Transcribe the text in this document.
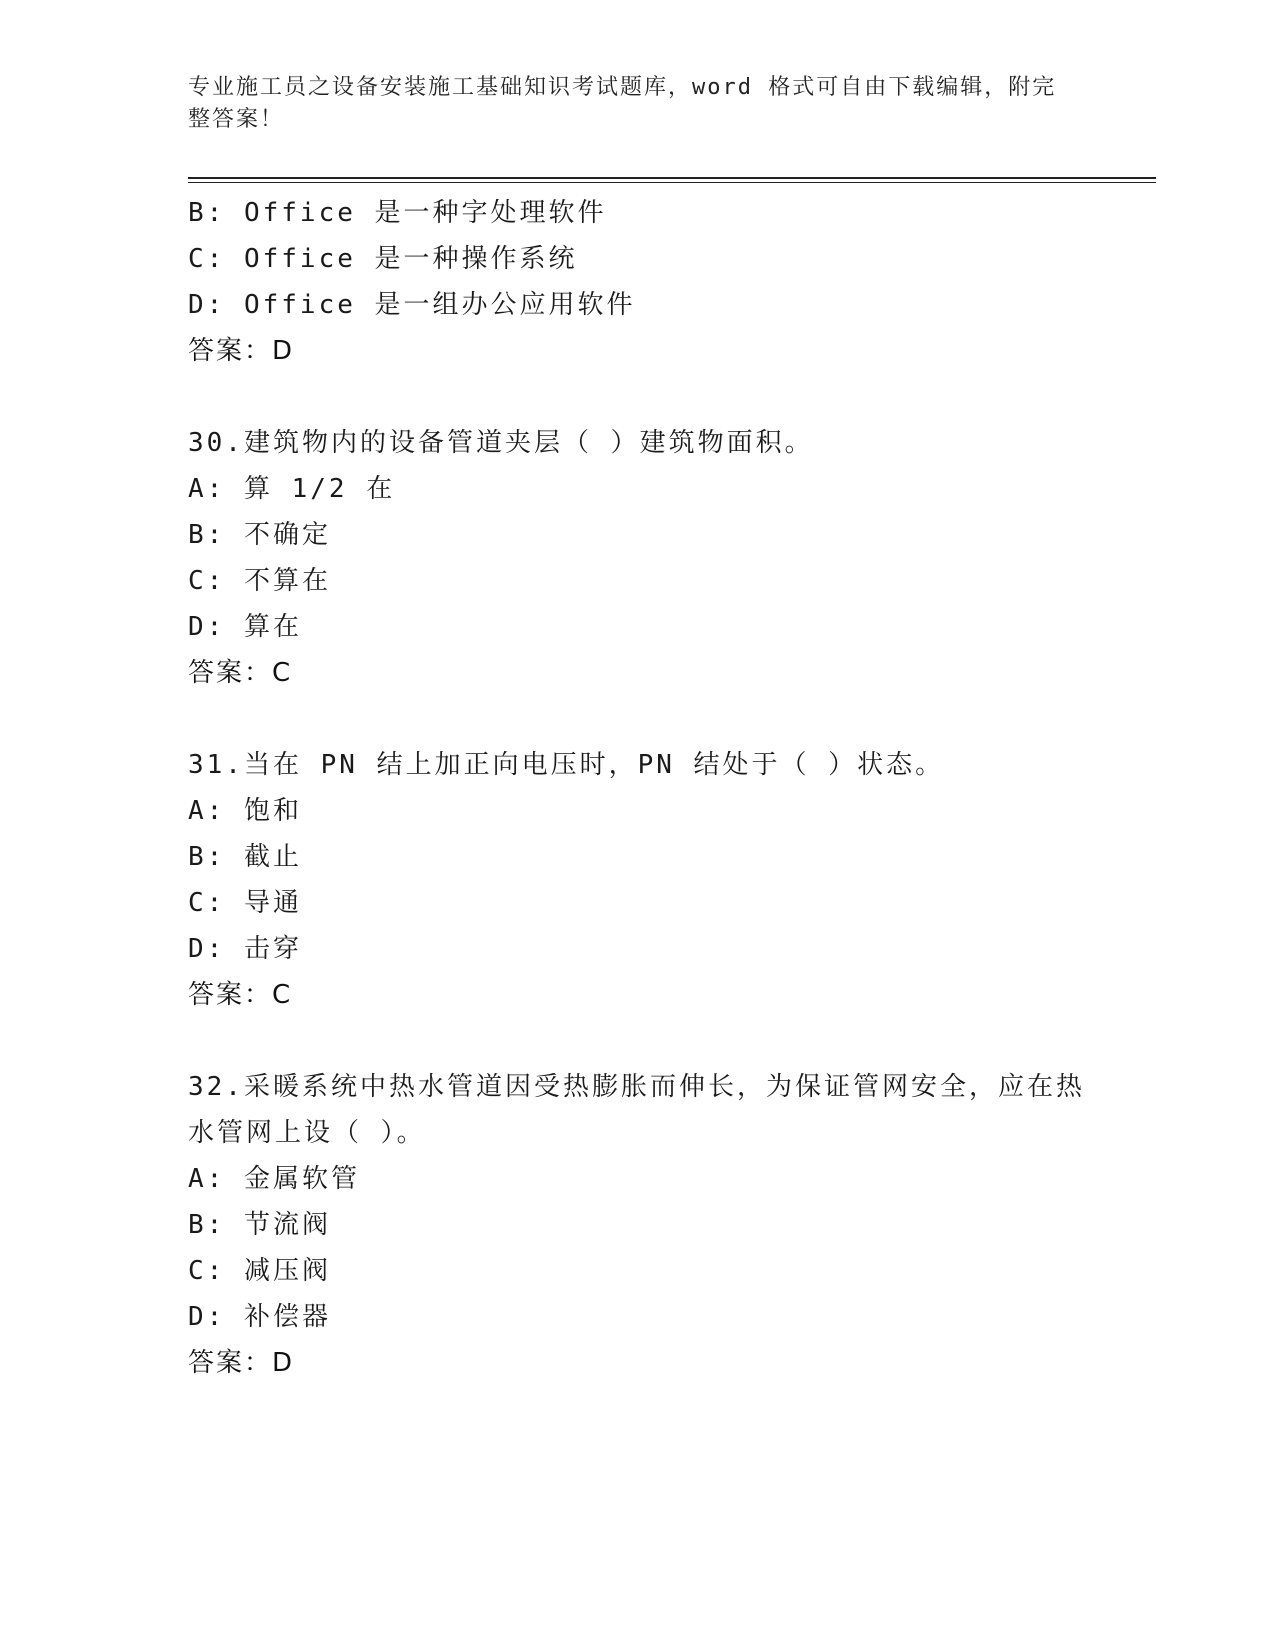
专业施工员之设备安装施工基础知识考试题库，word 格式可自由下载编辑，附完
整答案！
B: Office 是一种字处理软件
C: Office 是一种操作系统
D: Office 是一组办公应用软件
答案：D
30.建筑物内的设备管道夹层（ ）建筑物面积。
A: 算 1/2 在
B: 不确定
C: 不算在
D: 算在
答案：C
31.当在 PN 结上加正向电压时，PN 结处于（ ）状态。
A: 饱和
B: 截止
C: 导通
D: 击穿
答案：C
32.采暖系统中热水管道因受热膨胀而伸长，为保证管网安全，应在热
水管网上设（ ）。
A: 金属软管
B: 节流阀
C: 减压阀
D: 补偿器
答案：D
